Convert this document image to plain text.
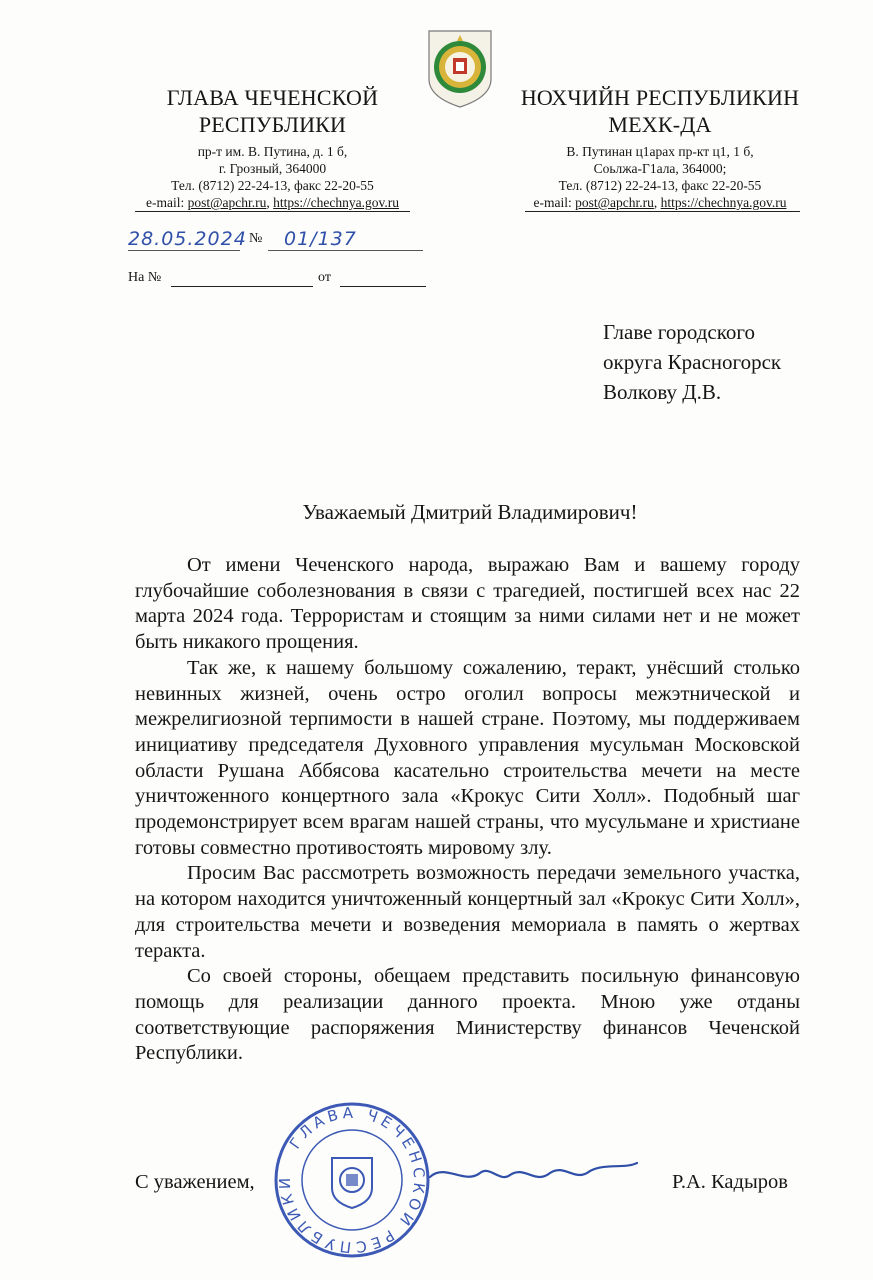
ГЛАВА ЧЕЧЕНСКОЙ
РЕСПУБЛИКИ
пр-т им. В. Путина, д. 1 б,
г. Грозный, 364000
Тел. (8712) 22-24-13, факс 22-20-55
e-mail: post@apchr.ru, https://chechnya.gov.ru
НОХЧИЙН РЕСПУБЛИКИН
МЕХК-ДА
В. Путинан ц1арах пр-кт ц1, 1 б,
Соьлжа-Г1ала, 364000;
Тел. (8712) 22-24-13, факс 22-20-55
e-mail: post@apchr.ru, https://chechnya.gov.ru
28.05.2024 № 01/137
На №	от
Главе городского
округа Красногорск
Волкову Д.В.
Уважаемый Дмитрий Владимирович!

От имени Чеченского народа, выражаю Вам и вашему городу глубочайшие соболезнования в связи с трагедией, постигшей всех нас 22 марта 2024 года. Террористам и стоящим за ними силами нет и не может быть никакого прощения.

Так же, к нашему большому сожалению, теракт, унёсший столько невинных жизней, очень остро оголил вопросы межэтнической и межрелигиозной терпимости в нашей стране. Поэтому, мы поддерживаем инициативу председателя Духовного управления мусульман Московской области Рушана Аббясова касательно строительства мечети на месте уничтоженного концертного зала «Крокус Сити Холл». Подобный шаг продемонстрирует всем врагам нашей страны, что мусульмане и христиане готовы совместно противостоять мировому злу.

Просим Вас рассмотреть возможность передачи земельного участка, на котором находится уничтоженный концертный зал «Крокус Сити Холл», для строительства мечети и возведения мемориала в память о жертвах теракта.

Со своей стороны, обещаем представить посильную финансовую помощь для реализации данного проекта. Мною уже отданы соответствующие распоряжения Министерству финансов Чеченской Республики.

ГЛАВА ЧЕЧЕНСКОЙ РЕСПУБЛИКИ
С уважением,	Р.А. Кадыров
